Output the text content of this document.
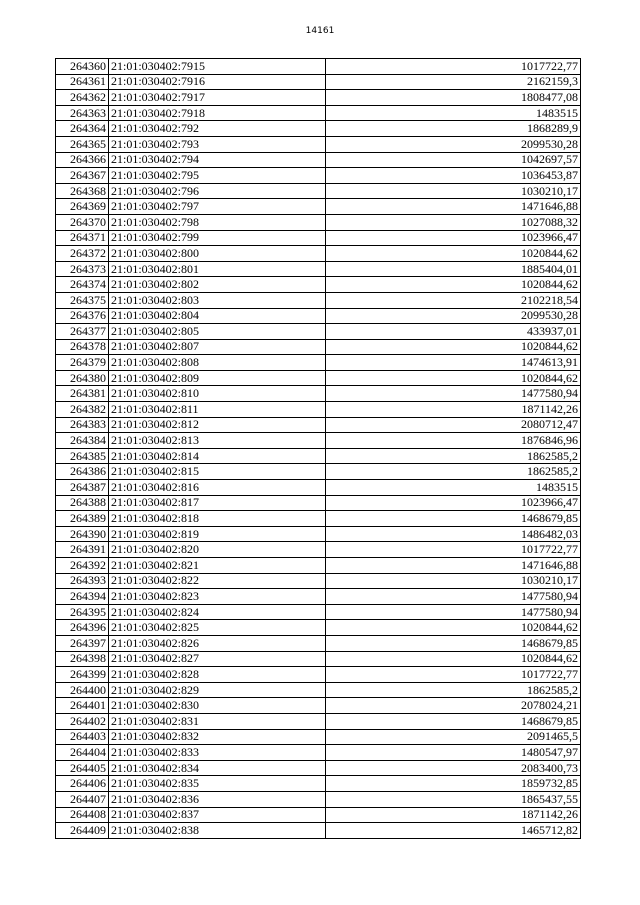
14161
264360	21:01:030402:7915	1017722,77
264361	21:01:030402:7916	2162159,3
264362	21:01:030402:7917	1808477,08
264363	21:01:030402:7918	1483515
264364	21:01:030402:792	1868289,9
264365	21:01:030402:793	2099530,28
264366	21:01:030402:794	1042697,57
264367	21:01:030402:795	1036453,87
264368	21:01:030402:796	1030210,17
264369	21:01:030402:797	1471646,88
264370	21:01:030402:798	1027088,32
264371	21:01:030402:799	1023966,47
264372	21:01:030402:800	1020844,62
264373	21:01:030402:801	1885404,01
264374	21:01:030402:802	1020844,62
264375	21:01:030402:803	2102218,54
264376	21:01:030402:804	2099530,28
264377	21:01:030402:805	433937,01
264378	21:01:030402:807	1020844,62
264379	21:01:030402:808	1474613,91
264380	21:01:030402:809	1020844,62
264381	21:01:030402:810	1477580,94
264382	21:01:030402:811	1871142,26
264383	21:01:030402:812	2080712,47
264384	21:01:030402:813	1876846,96
264385	21:01:030402:814	1862585,2
264386	21:01:030402:815	1862585,2
264387	21:01:030402:816	1483515
264388	21:01:030402:817	1023966,47
264389	21:01:030402:818	1468679,85
264390	21:01:030402:819	1486482,03
264391	21:01:030402:820	1017722,77
264392	21:01:030402:821	1471646,88
264393	21:01:030402:822	1030210,17
264394	21:01:030402:823	1477580,94
264395	21:01:030402:824	1477580,94
264396	21:01:030402:825	1020844,62
264397	21:01:030402:826	1468679,85
264398	21:01:030402:827	1020844,62
264399	21:01:030402:828	1017722,77
264400	21:01:030402:829	1862585,2
264401	21:01:030402:830	2078024,21
264402	21:01:030402:831	1468679,85
264403	21:01:030402:832	2091465,5
264404	21:01:030402:833	1480547,97
264405	21:01:030402:834	2083400,73
264406	21:01:030402:835	1859732,85
264407	21:01:030402:836	1865437,55
264408	21:01:030402:837	1871142,26
264409	21:01:030402:838	1465712,82
